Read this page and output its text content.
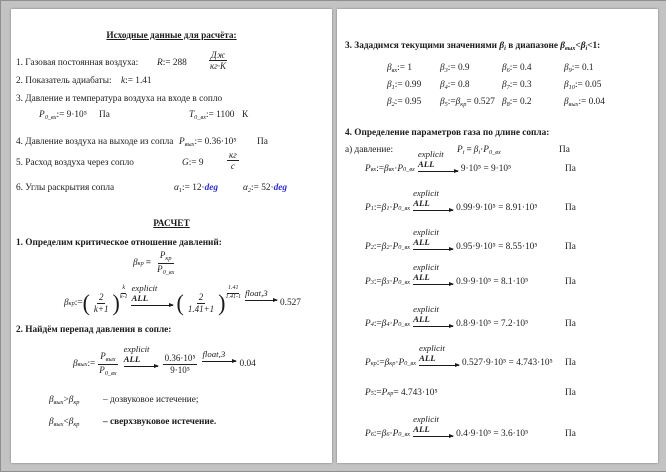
Исходные данные для расчёта:
1. Газовая постоянная воздуха: R:= 288
Дж
кг·К
2. Показатель адиабаты: k:= 1.41
3. Давление и температура воздуха на входе в сопло
$P_{0\_вх}:= 9\cdot 10^5$ Па	$T_{0\_вх}:= 1100$ К
4. Давление воздуха на выходе из сопла $P_{вых}:= 0.36\cdot 10^5$ Па
5. Расход воздуха через сопло	G:= 9
кг
с
6. Углы раскрытия сопла	$\alpha_1:= 12\cdot deg$	$\alpha_2:= 52\cdot deg$
РАСЧЕТ
1. Определим критическое отношение давлений:
β кр =
$P_{кр}$
$P_{0\_вх}$
β кр := ( 2
k+1 )
k
k-1
explicit
ALL ( 2
1.41+1 )
1.41
1.41-1 float,3
0.527
2. Найдём перепад давления в сопле:
β вых :=
$P_{вых}$
$P_{0\_вх}$
explicit
ALL	0.36·10⁵
9·10⁵
float,3
0.04
$\beta_{вых}>\beta_{кр}$	– дозвуковое истечение;
$\beta_{вых}<\beta_{кр}$	– сверхзвуковое истечение.
3. Зададимся текущими значениями $\beta_i$ в диапазоне $\beta_{вых}<\beta_i<1$:
$\beta_{вх}:= 1$	$\beta_3:= 0.9$	$\beta_6:= 0.4$	$\beta_9:= 0.1$
$\beta_1:= 0.99$ $\beta_4:= 0.8$	$\beta_7:= 0.3$	$\beta_{10}:= 0.05$
$\beta_2:= 0.95$ $\beta_5:=\beta_{кр}= 0.527$ $\beta_8:= 0.2$	$\beta_{вых}:= 0.04$
4. Определение параметров газа по длине сопла:
а) давление:	$P_i = \beta_i\cdot P_{0\_вх}$	Па
P вх := β вх · P 0_вх
explicit
ALL
9·10⁵ = 9·10⁵	Па
P 1 := β 1 · P 0_вх
explicit
ALL
0.99·9·10⁵ = 8.91·10⁵	Па
P 2 := β 2 · P 0_вх
explicit
ALL
0.95·9·10⁵ = 8.55·10⁵	Па
P 3 := β 3 · P 0_вх
explicit
ALL
0.9·9·10⁵ = 8.1·10⁵	Па
P 4 := β 4 · P 0_вх
explicit
ALL
0.8·9·10⁵ = 7.2·10⁵	Па
P кр := β кр · P 0_вх
explicit
ALL
0.527·9·10⁵ = 4.743·10⁵ Па
P 6 := β 6 · P 0_вх
explicit
ALL
0.4·9·10⁵ = 3.6·10⁵	Па
P 5 := P кр = 4.743·10⁵	Па
